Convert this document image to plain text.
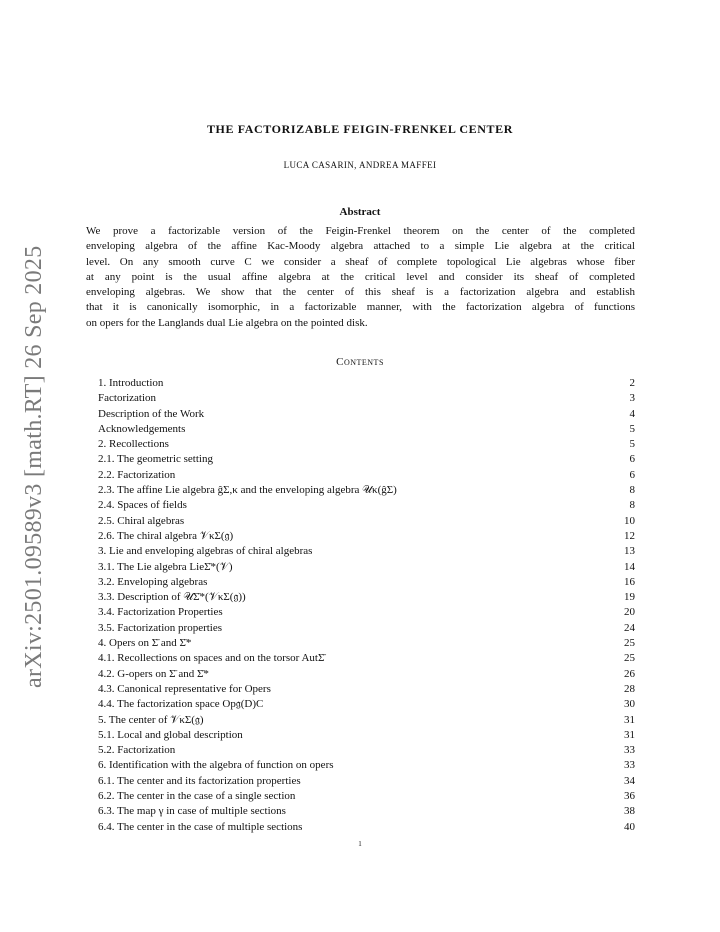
arXiv:2501.09589v3 [math.RT] 26 Sep 2025
THE FACTORIZABLE FEIGIN-FRENKEL CENTER
LUCA CASARIN, ANDREA MAFFEI
Abstract
We prove a factorizable version of the Feigin-Frenkel theorem on the center of the completed
enveloping algebra of the affine Kac-Moody algebra attached to a simple Lie algebra at the critical
level. On any smooth curve C we consider a sheaf of complete topological Lie algebras whose fiber
at any point is the usual affine algebra at the critical level and consider its sheaf of completed
enveloping algebras. We show that the center of this sheaf is a factorization algebra and establish
that it is canonically isomorphic, in a factorizable manner, with the factorization algebra of functions
on opers for the Langlands dual Lie algebra on the pointed disk.
Contents
1. Introduction	2
Factorization	3
Description of the Work	4
Acknowledgements	5
2. Recollections	5
2.1. The geometric setting	6
2.2. Factorization	6
2.3. The affine Lie algebra ĝΣ,κ and the enveloping algebra 𝒰κ(ĝΣ)	8
2.4. Spaces of fields	8
2.5. Chiral algebras	10
2.6. The chiral algebra 𝒱κΣ(𝔤)	12
3. Lie and enveloping algebras of chiral algebras	13
3.1. The Lie algebra LieΣ̄*(𝒱)	14
3.2. Enveloping algebras	16
3.3. Description of 𝒰Σ̄*(𝒱κΣ(𝔤))	19
3.4. Factorization Properties	20
3.5. Factorization properties	24
4. Opers on Σ̄ and Σ̄*	25
4.1. Recollections on spaces and on the torsor AutΣ̄	25
4.2. G-opers on Σ̄ and Σ̄*	26
4.3. Canonical representative for Opers	28
4.4. The factorization space Op𝔤(D)C	30
5. The center of 𝒱κΣ(𝔤)	31
5.1. Local and global description	31
5.2. Factorization	33
6. Identification with the algebra of function on opers	33
6.1. The center and its factorization properties	34
6.2. The center in the case of a single section	36
6.3. The map γ in case of multiple sections	38
6.4. The center in the case of multiple sections	40
1
